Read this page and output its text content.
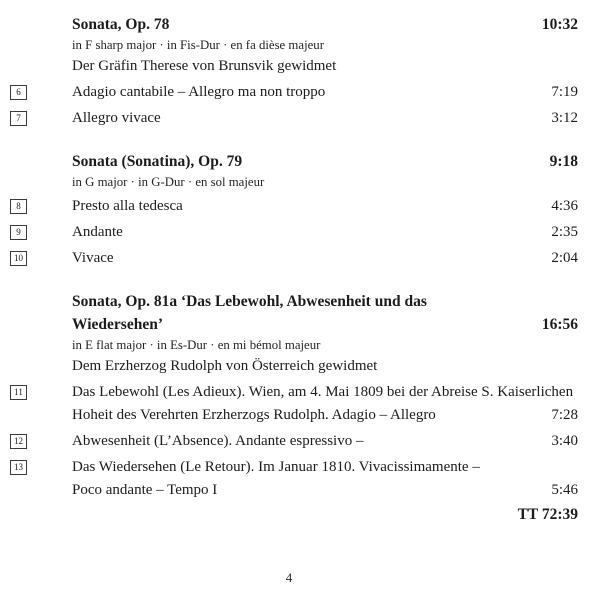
Sonata, Op. 78	10:32
in F sharp major · in Fis-Dur · en fa dièse majeur
Der Gräfin Therese von Brunsvik gewidmet
6	Adagio cantabile – Allegro ma non troppo	7:19
7	Allegro vivace	3:12
Sonata (Sonatina), Op. 79	9:18
in G major · in G-Dur · en sol majeur
8	Presto alla tedesca	4:36
9	Andante	2:35
10	Vivace	2:04
Sonata, Op. 81a ‘Das Lebewohl, Abwesenheit und das
Wiedersehen’	16:56
in E flat major · in Es-Dur · en mi bémol majeur
Dem Erzherzog Rudolph von Österreich gewidmet
11	Das Lebewohl (Les Adieux). Wien, am 4. Mai 1809 bei der Abreise S. Kaiserlichen
Hoheit des Verehrten Erzherzogs Rudolph. Adagio – Allegro	7:28
12	Abwesenheit (L’Absence). Andante espressivo –	3:40
13	Das Wiedersehen (Le Retour). Im Januar 1810. Vivacissimamente –
Poco andante – Tempo I	5:46
TT 72:39
4
